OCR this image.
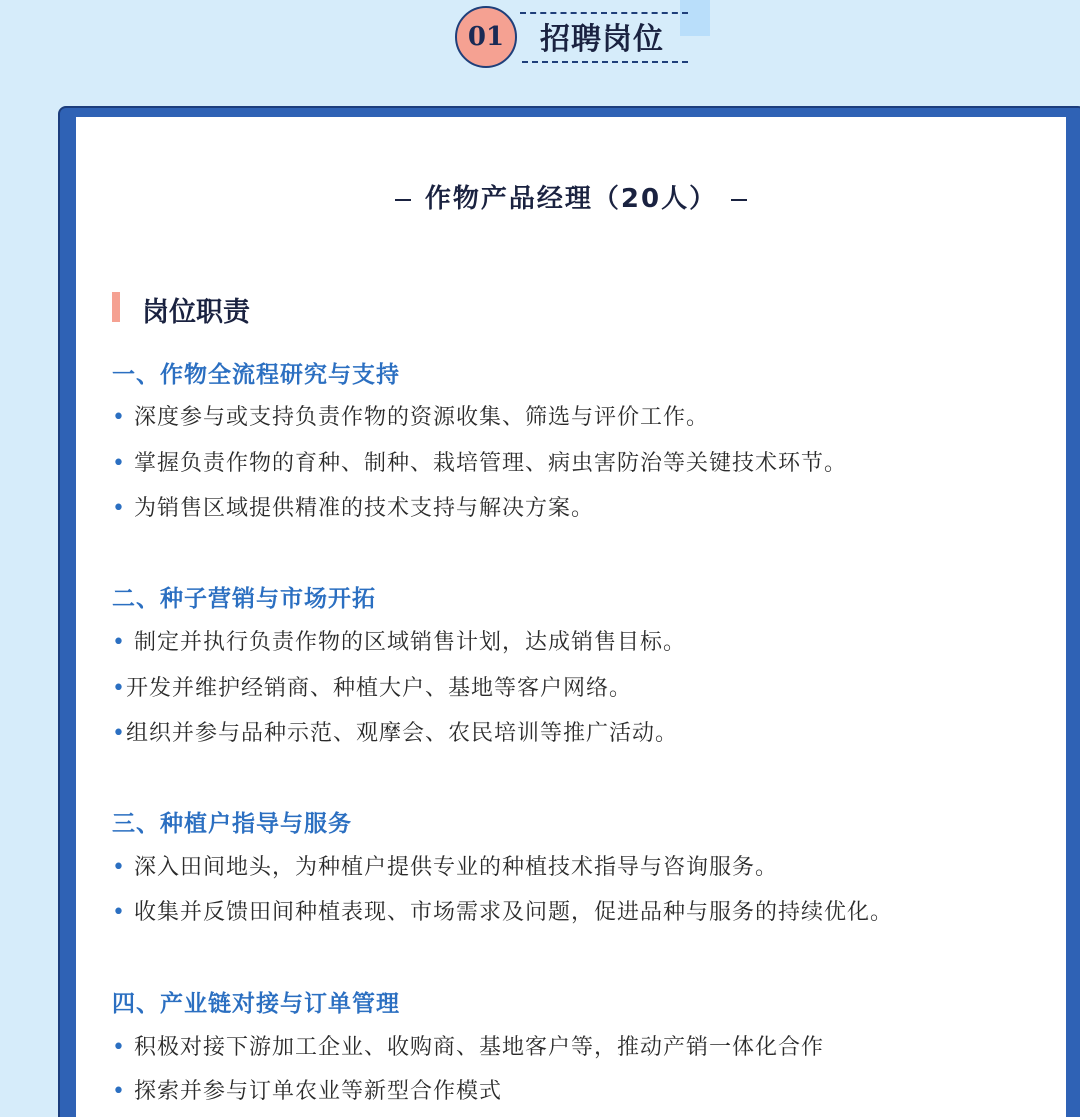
01	招聘岗位
作物产品经理（20人）
岗位职责
一、作物全流程研究与支持
• 深度参与或支持负责作物的资源收集、筛选与评价工作。
• 掌握负责作物的育种、制种、栽培管理、病虫害防治等关键技术环节。
• 为销售区域提供精准的技术支持与解决方案。
二、种子营销与市场开拓
• 制定并执行负责作物的区域销售计划，达成销售目标。
•开发并维护经销商、种植大户、基地等客户网络。
•组织并参与品种示范、观摩会、农民培训等推广活动。
三、种植户指导与服务
• 深入田间地头，为种植户提供专业的种植技术指导与咨询服务。
• 收集并反馈田间种植表现、市场需求及问题，促进品种与服务的持续优化。
四、产业链对接与订单管理
• 积极对接下游加工企业、收购商、基地客户等，推动产销一体化合作
• 探索并参与订单农业等新型合作模式
